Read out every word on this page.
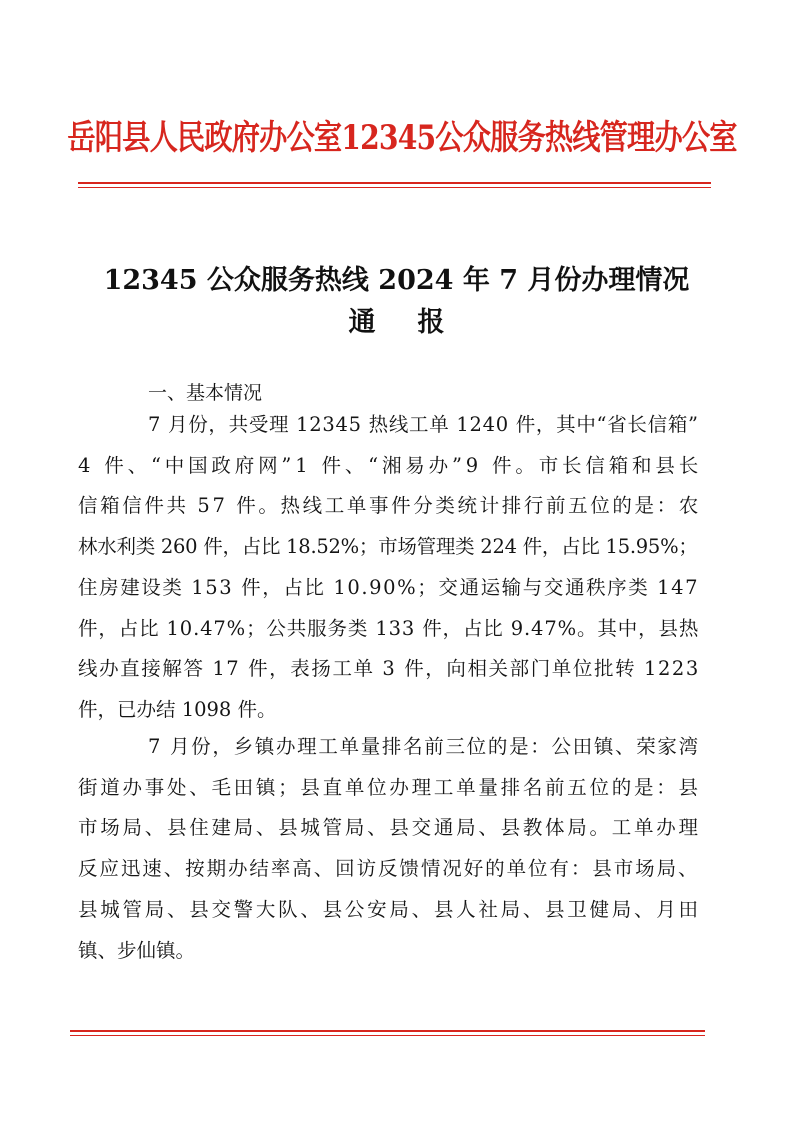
岳阳县人民政府办公室12345公众服务热线管理办公室
12345 公众服务热线 2024 年 7 月份办理情况
通报
一、基本情况
7 月份，共受理 12345 热线工单 1240 件，其中“省长信箱”
4 件、“中国政府网”1 件、“湘易办”9 件。市长信箱和县长
信箱信件共 57 件。热线工单事件分类统计排行前五位的是：农
林水利类 260 件，占比 18.52%；市场管理类 224 件，占比 15.95%；
住房建设类 153 件，占比 10.90%；交通运输与交通秩序类 147
件，占比 10.47%；公共服务类 133 件，占比 9.47%。其中，县热
线办直接解答 17 件，表扬工单 3 件，向相关部门单位批转 1223
件，已办结 1098 件。
7 月份，乡镇办理工单量排名前三位的是：公田镇、荣家湾
街道办事处、毛田镇；县直单位办理工单量排名前五位的是：县
市场局、县住建局、县城管局、县交通局、县教体局。工单办理
反应迅速、按期办结率高、回访反馈情况好的单位有：县市场局、
县城管局、县交警大队、县公安局、县人社局、县卫健局、月田
镇、步仙镇。
